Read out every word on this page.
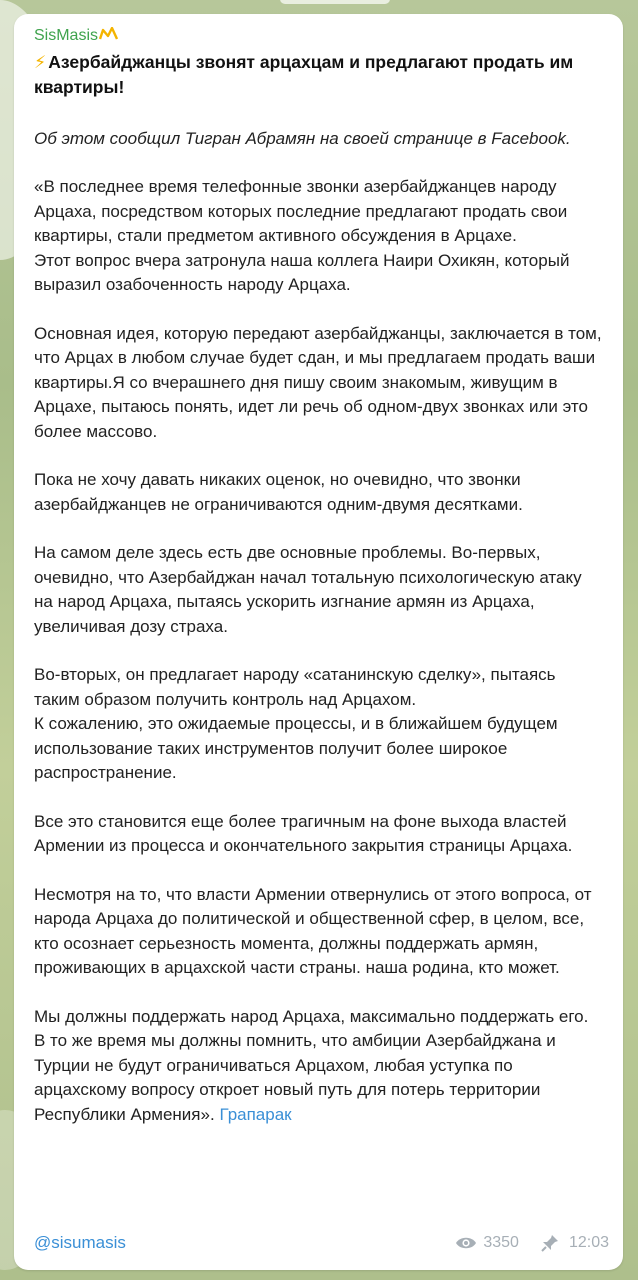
SisMasis
⚡ Азербайджанцы звонят арцахцам и предлагают продать им квартиры!
Об этом сообщил Тигран Абрамян на своей странице в Facebook.

«В последнее время телефонные звонки азербайджанцев народу Арцаха, посредством которых последние предлагают продать свои квартиры, стали предметом активного обсуждения в Арцахе.

Этот вопрос вчера затронула наша коллега Наири Охикян, который выразил озабоченность народу Арцаха.

Основная идея, которую передают азербайджанцы, заключается в том, что Арцах в любом случае будет сдан, и мы предлагаем продать ваши квартиры.Я со вчерашнего дня пишу своим знакомым, живущим в Арцахе, пытаюсь понять, идет ли речь об одном-двух звонках или это более массово.

Пока не хочу давать никаких оценок, но очевидно, что звонки азербайджанцев не ограничиваются одним-двумя десятками.

На самом деле здесь есть две основные проблемы. Во-первых, очевидно, что Азербайджан начал тотальную психологическую атаку на народ Арцаха, пытаясь ускорить изгнание армян из Арцаха, увеличивая дозу страха.

Во-вторых, он предлагает народу «сатанинскую сделку», пытаясь таким образом получить контроль над Арцахом.

К сожалению, это ожидаемые процессы, и в ближайшем будущем использование таких инструментов получит более широкое распространение.

Все это становится еще более трагичным на фоне выхода властей Армении из процесса и окончательного закрытия страницы Арцаха.

Несмотря на то, что власти Армении отвернулись от этого вопроса, от народа Арцаха до политической и общественной сфер, в целом, все, кто осознает серьезность момента, должны поддержать армян, проживающих в арцахской части страны. наша родина, кто может.

Мы должны поддержать народ Арцаха, максимально поддержать его. В то же время мы должны помнить, что амбиции Азербайджана и Турции не будут ограничиваться Арцахом, любая уступка по арцахскому вопросу откроет новый путь для потерь территории Республики Армения». Грапарак
@sisumasis	3350	12:03
